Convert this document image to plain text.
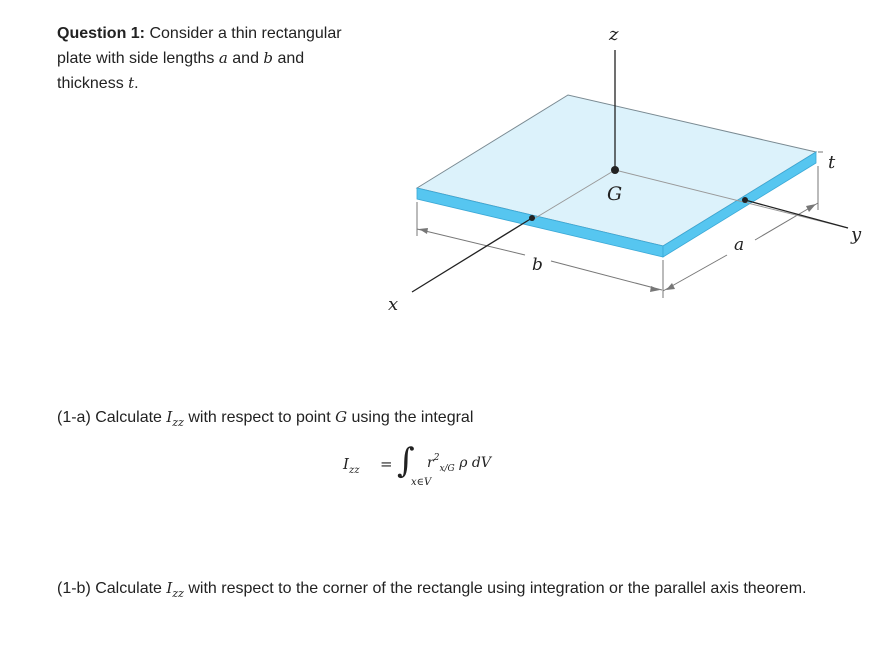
Question 1: Consider a thin rectangular plate with side lengths a and b and thickness t.

z
G
t
y
a
b
x

(1-a) Calculate $I_{zz}$ with respect to point G using the integral

$I_{zz}$ = ∫
x∈V
$r^2_{x/G}$ ρ dV

(1-b) Calculate $I_{zz}$ with respect to the corner of the rectangle using integration or the parallel axis theorem.
